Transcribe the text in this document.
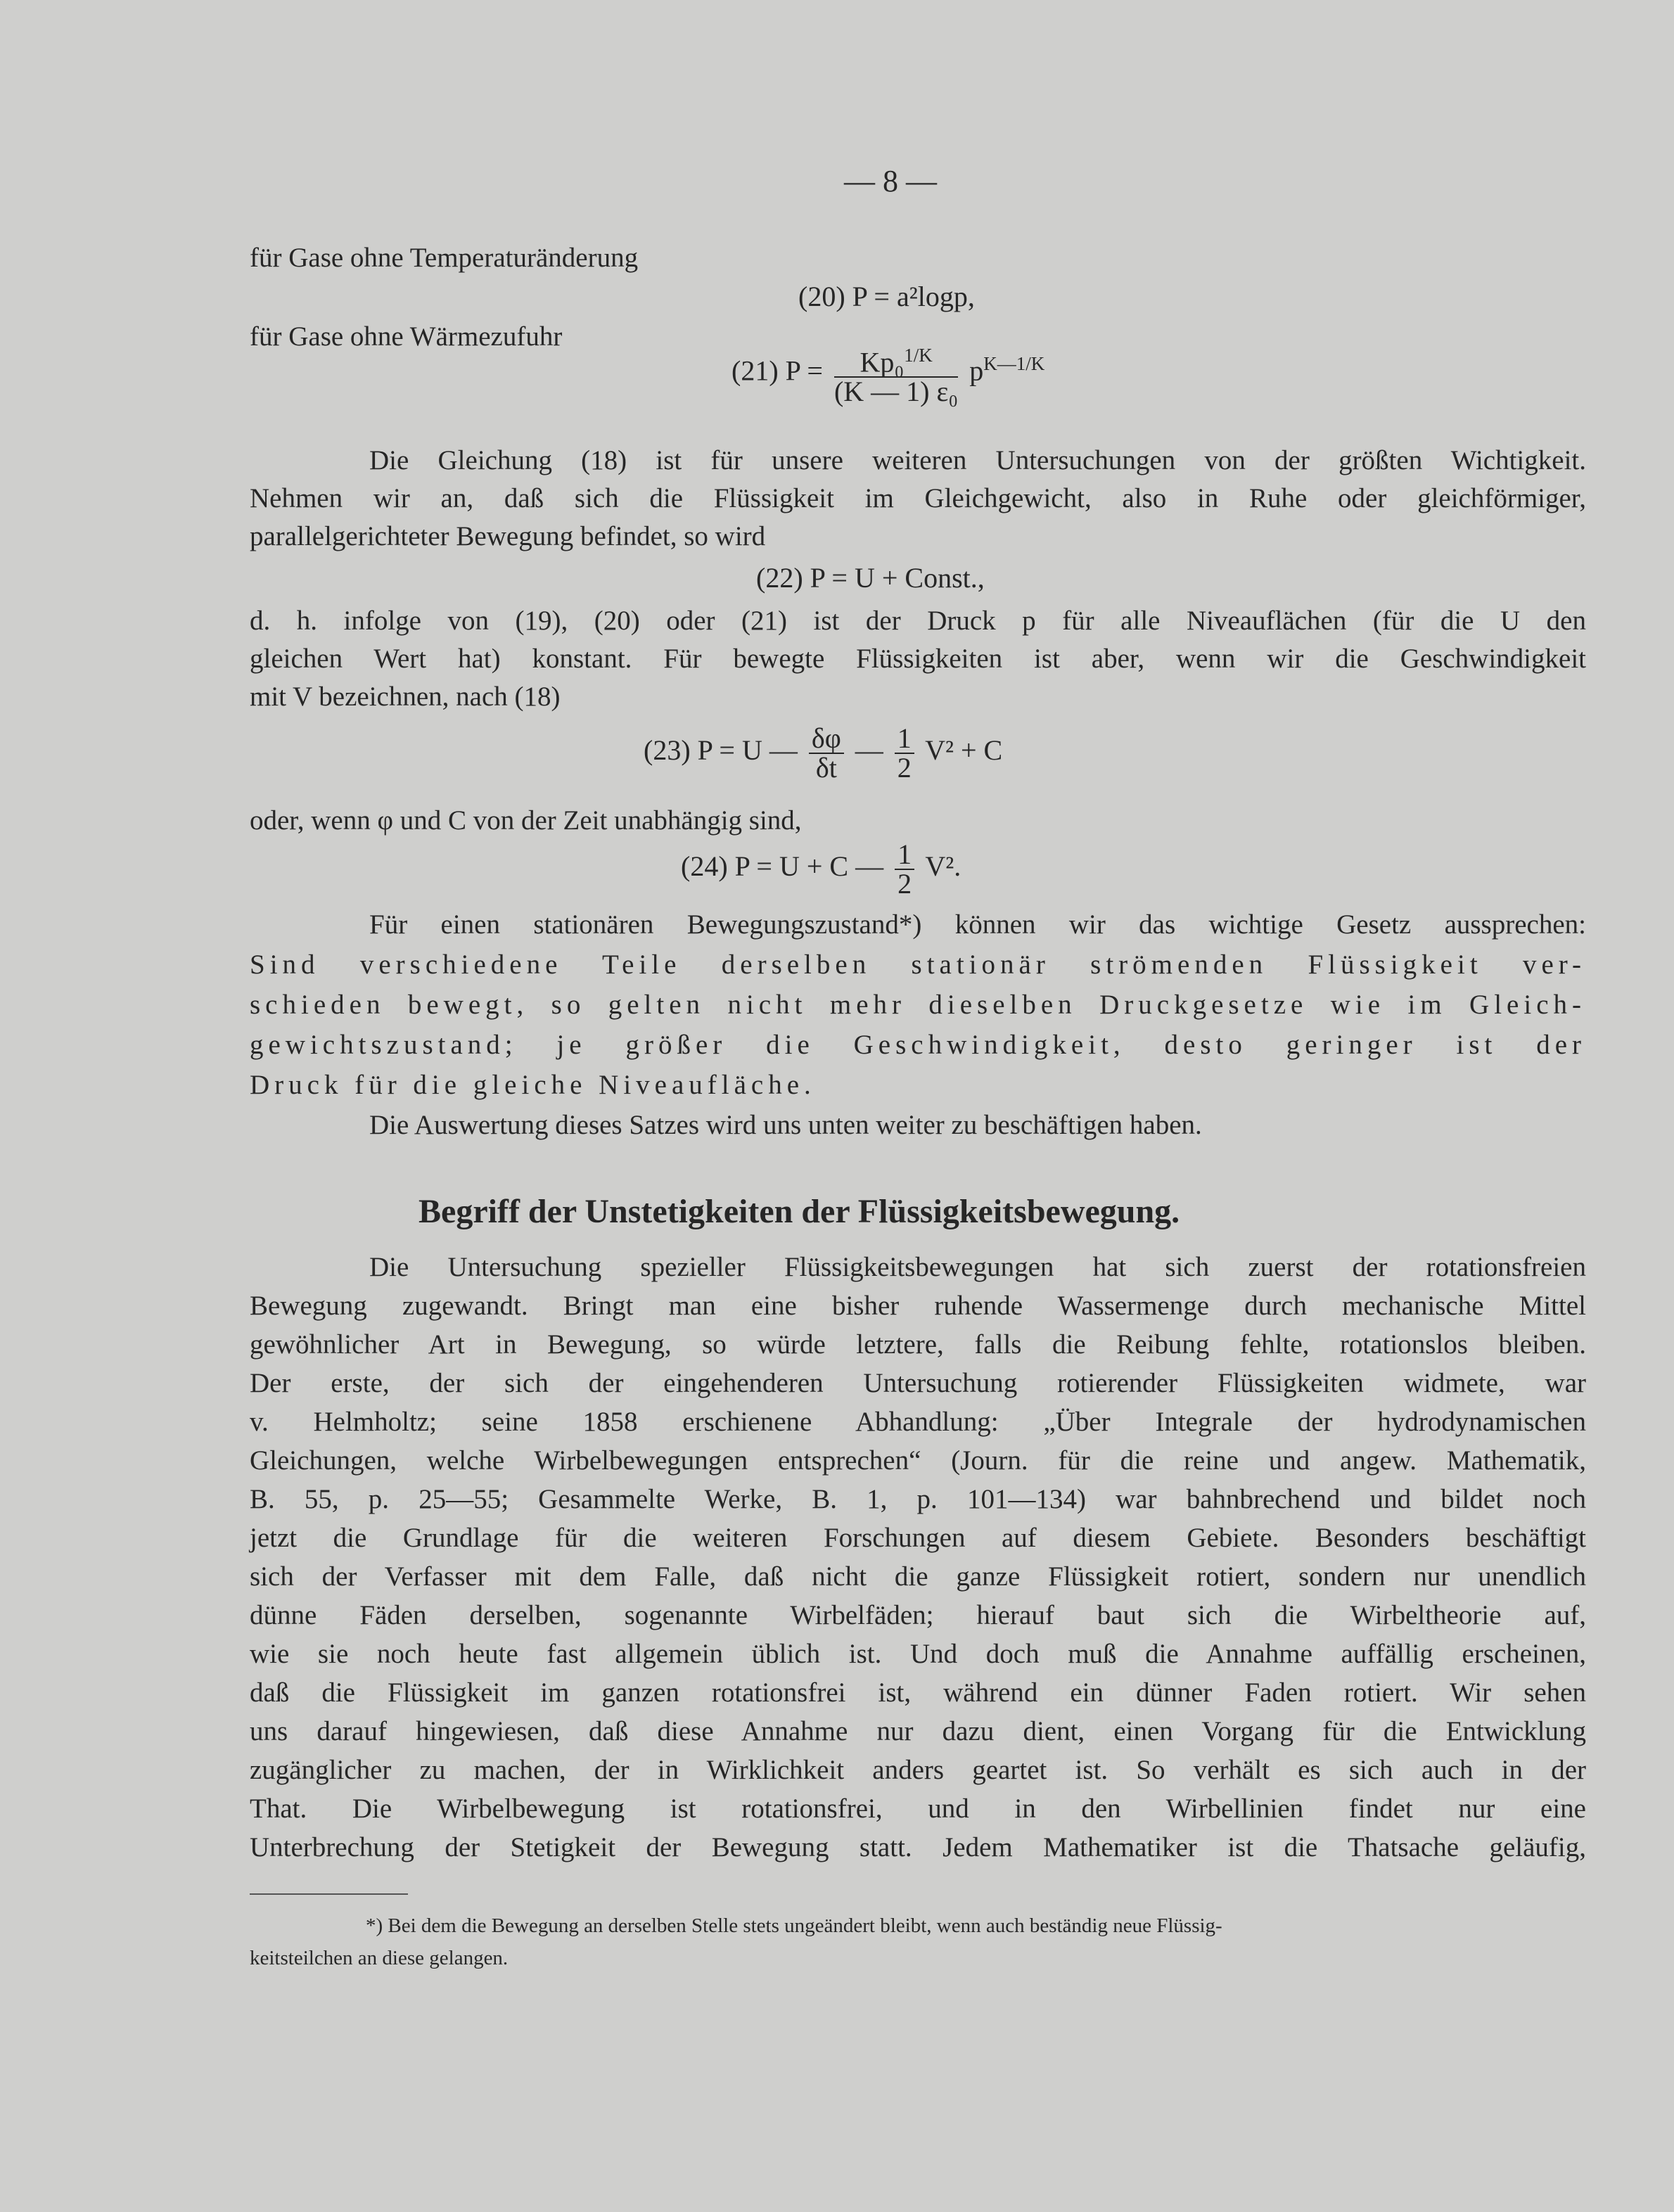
— 8 —
für Gase ohne Temperaturänderung
(20) P = a²logp,
für Gase ohne Wärmezufuhr
(21) $P = \frac{Kp_0^{1/K}}{\text{(K — 1) ε₀}} p^{K—1/K}$
Die Gleichung (18) ist für unsere weiteren Untersuchungen von der größten Wichtigkeit.
Nehmen wir an, daß sich die Flüssigkeit im Gleichgewicht, also in Ruhe oder gleichförmiger,
parallelgerichteter Bewegung befindet, so wird
(22) P = U + Const.,
d. h. infolge von (19), (20) oder (21) ist der Druck p für alle Niveauflächen (für die U den
gleichen Wert hat) konstant. Für bewegte Flüssigkeiten ist aber, wenn wir die Geschwindigkeit
mit V bezeichnen, nach (18)
(23) P = U — $\frac{\delta\varphi}{\delta t}$ — $\frac{1}{2} V^2 + C$
oder, wenn φ und C von der Zeit unabhängig sind,
(24) P = U + C — $\frac{1}{2} V^2$.
Für einen stationären Bewegungszustand*) können wir das wichtige Gesetz aussprechen:
Sind verschiedene Teile derselben stationär strömenden Flüssigkeit ver-
schieden bewegt, so gelten nicht mehr dieselben Druckgesetze wie im Gleich-
gewichtszustand; je größer die Geschwindigkeit, desto geringer ist der
Druck für die gleiche Niveaufläche.
Die Auswertung dieses Satzes wird uns unten weiter zu beschäftigen haben.
Begriff der Unstetigkeiten der Flüssigkeitsbewegung.
Die Untersuchung spezieller Flüssigkeitsbewegungen hat sich zuerst der rotationsfreien
Bewegung zugewandt. Bringt man eine bisher ruhende Wassermenge durch mechanische Mittel
gewöhnlicher Art in Bewegung, so würde letztere, falls die Reibung fehlte, rotationslos bleiben.
Der erste, der sich der eingehenderen Untersuchung rotierender Flüssigkeiten widmete, war
v. Helmholtz; seine 1858 erschienene Abhandlung: „Über Integrale der hydrodynamischen
Gleichungen, welche Wirbelbewegungen entsprechen“ (Journ. für die reine und angew. Mathematik,
B. 55, p. 25—55; Gesammelte Werke, B. 1, p. 101—134) war bahnbrechend und bildet noch
jetzt die Grundlage für die weiteren Forschungen auf diesem Gebiete. Besonders beschäftigt
sich der Verfasser mit dem Falle, daß nicht die ganze Flüssigkeit rotiert, sondern nur unendlich
dünne Fäden derselben, sogenannte Wirbelfäden; hierauf baut sich die Wirbeltheorie auf,
wie sie noch heute fast allgemein üblich ist. Und doch muß die Annahme auffällig erscheinen,
daß die Flüssigkeit im ganzen rotationsfrei ist, während ein dünner Faden rotiert. Wir sehen
uns darauf hingewiesen, daß diese Annahme nur dazu dient, einen Vorgang für die Entwicklung
zugänglicher zu machen, der in Wirklichkeit anders geartet ist. So verhält es sich auch in der
That. Die Wirbelbewegung ist rotationsfrei, und in den Wirbellinien findet nur eine
Unterbrechung der Stetigkeit der Bewegung statt. Jedem Mathematiker ist die Thatsache geläufig,
*) Bei dem die Bewegung an derselben Stelle stets ungeändert bleibt, wenn auch beständig neue Flüssig-
keitsteilchen an diese gelangen.
